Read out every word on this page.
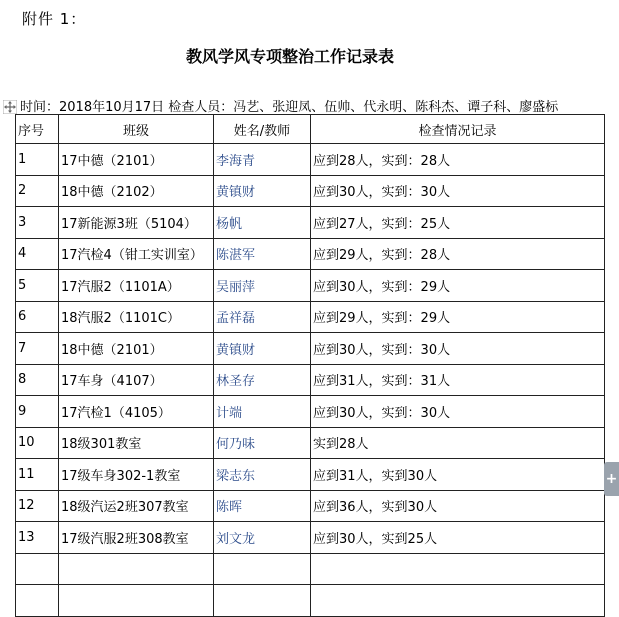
附件 1：
教风学风专项整治工作记录表
时间：2018年10月17日 检查人员：冯艺、张迎凤、伍帅、代永明、陈科杰、谭子科、廖盛标
序号	班级	姓名/教师	检查情况记录
1	17中德（2101）	李海青	应到28人，实到：28人
2	18中德（2102）	黄镇财	应到30人，实到：30人
3	17新能源3班（5104）	杨帆	应到27人，实到：25人
4	17汽检4（钳工实训室）	陈湛军	应到29人，实到：28人
5	17汽服2（1101A）	吴丽萍	应到30人，实到：29人
6	18汽服2（1101C）	孟祥磊	应到29人，实到：29人
7	18中德（2101）	黄镇财	应到30人，实到：30人
8	17车身（4107）	林圣存	应到31人，实到：31人
9	17汽检1（4105）	计端	应到30人，实到：30人
10	18级301教室	何乃味	实到28人
11	17级车身302-1教室	梁志东	应到31人，实到30人
12	18级汽运2班307教室	陈晖	应到36人，实到30人
13	17级汽服2班308教室	刘文龙	应到30人，实到25人

+
